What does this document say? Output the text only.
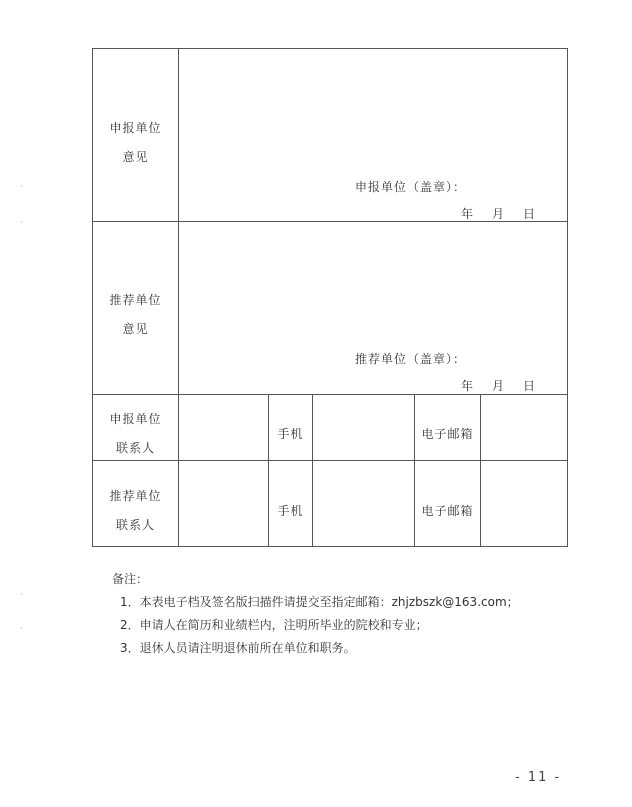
申报单位
意见
申报单位（盖章）：
年 月 日
推荐单位
意见
推荐单位（盖章）：
年 月 日
申报单位
联系人
手机	电子邮箱
推荐单位
联系人
手机	电子邮箱
备注：
1．本表电子档及签名版扫描件请提交至指定邮箱：zhjzbszk@163.com；
2．申请人在简历和业绩栏内，注明所毕业的院校和专业；
3．退休人员请注明退休前所在单位和职务。
- 11 -
·
·
·
·
